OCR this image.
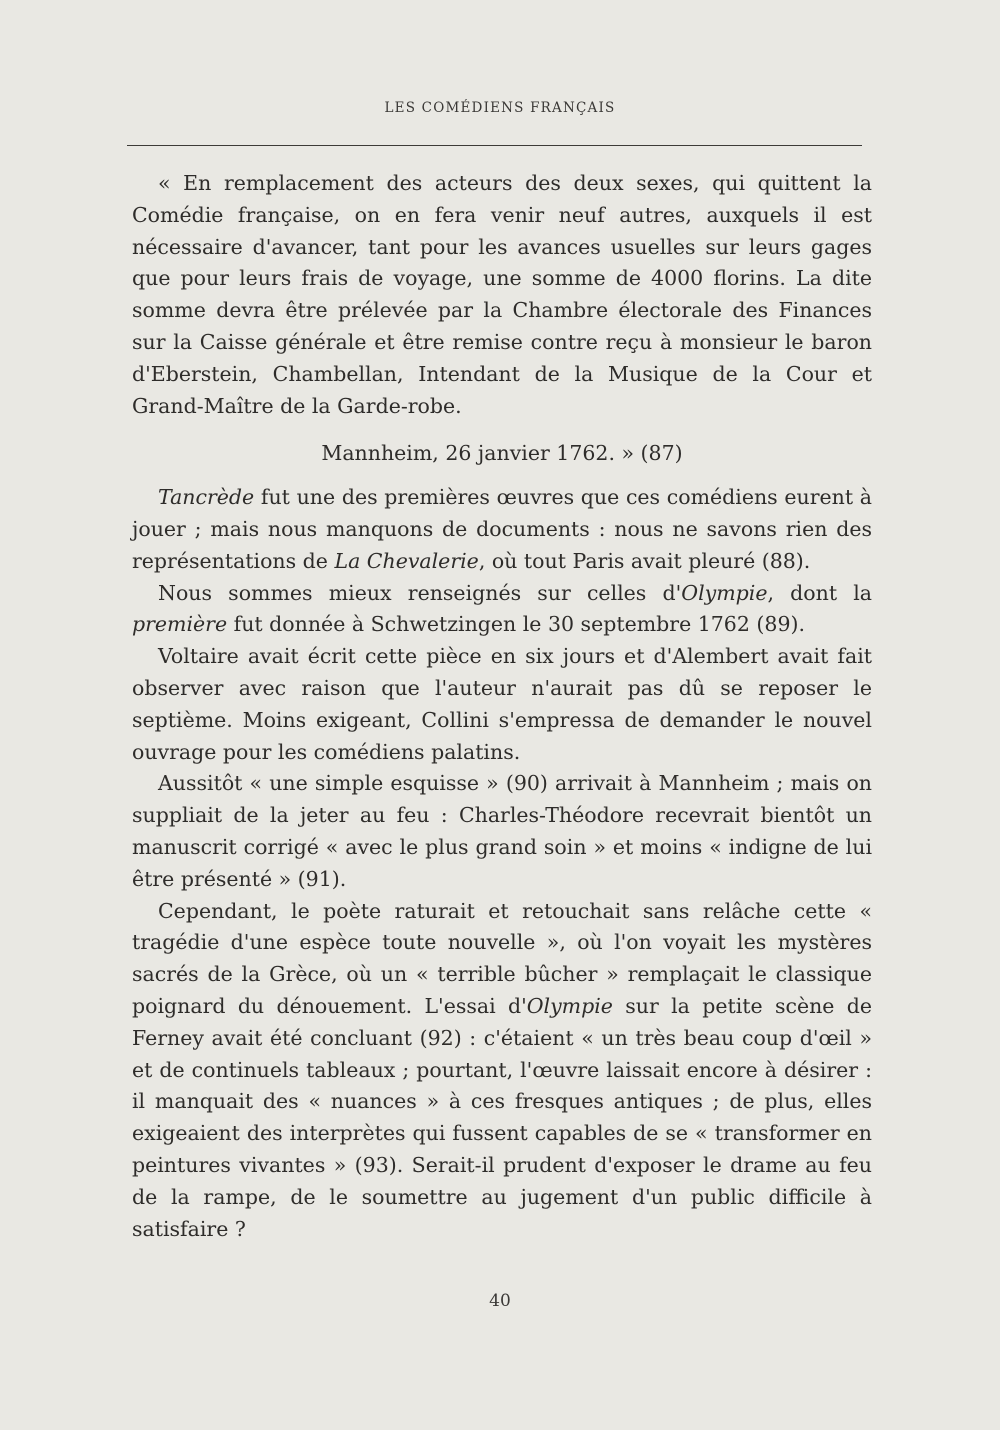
LES COMÉDIENS FRANÇAIS

« En remplacement des acteurs des deux sexes, qui quittent la Comédie française, on en fera venir neuf autres, auxquels il est nécessaire d'avancer, tant pour les avances usuelles sur leurs gages que pour leurs frais de voyage, une somme de 4000 florins. La dite somme devra être prélevée par la Chambre électorale des Finances sur la Caisse générale et être remise contre reçu à monsieur le baron d'Eberstein, Chambellan, Intendant de la Musique de la Cour et Grand-Maître de la Garde-robe.

Mannheim, 26 janvier 1762. » (87)

Tancrède fut une des premières œuvres que ces comédiens eurent à jouer ; mais nous manquons de documents : nous ne savons rien des représentations de La Chevalerie, où tout Paris avait pleuré (88).

Nous sommes mieux renseignés sur celles d'Olympie, dont la première fut donnée à Schwetzingen le 30 septembre 1762 (89).

Voltaire avait écrit cette pièce en six jours et d'Alembert avait fait observer avec raison que l'auteur n'aurait pas dû se reposer le septième. Moins exigeant, Collini s'empressa de demander le nouvel ouvrage pour les comédiens palatins.

Aussitôt « une simple esquisse » (90) arrivait à Mannheim ; mais on suppliait de la jeter au feu : Charles-Théodore recevrait bientôt un manuscrit corrigé « avec le plus grand soin » et moins « indigne de lui être présenté » (91).

Cependant, le poète raturait et retouchait sans relâche cette « tragédie d'une espèce toute nouvelle », où l'on voyait les mystères sacrés de la Grèce, où un « terrible bûcher » remplaçait le classique poignard du dénouement. L'essai d'Olympie sur la petite scène de Ferney avait été concluant (92) : c'étaient « un très beau coup d'œil » et de continuels tableaux ; pourtant, l'œuvre laissait encore à désirer : il manquait des « nuances » à ces fresques antiques ; de plus, elles exigeaient des interprètes qui fussent capables de se « transformer en peintures vivantes » (93). Serait-il prudent d'exposer le drame au feu de la rampe, de le soumettre au jugement d'un public difficile à satisfaire ?

40
